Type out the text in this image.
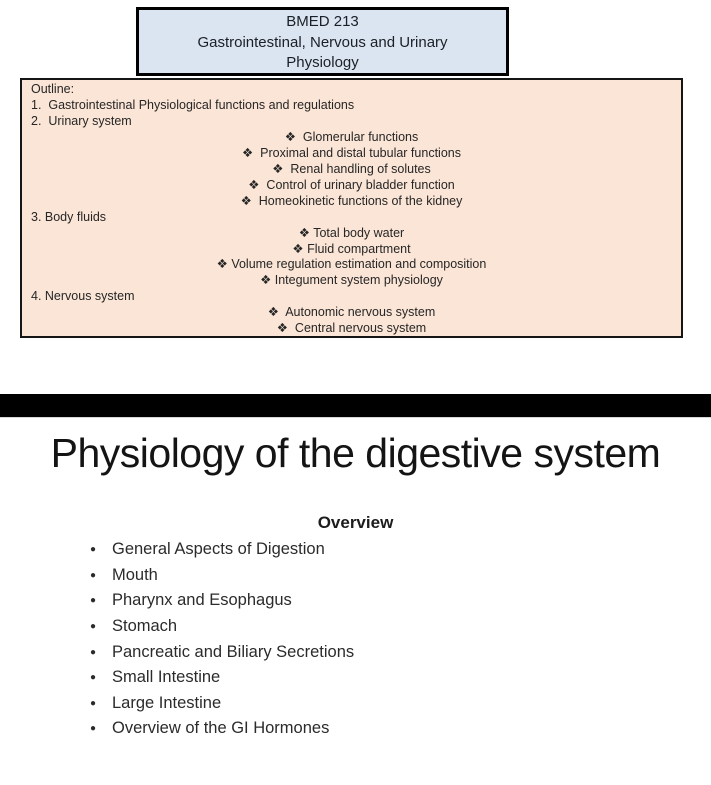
BMED 213
Gastrointestinal, Nervous and Urinary
Physiology
Outline:
1.  Gastrointestinal Physiological functions and regulations
2.  Urinary system
❖  Glomerular functions
❖  Proximal and distal tubular functions
❖  Renal handling of solutes
❖  Control of urinary bladder function
❖  Homeokinetic functions of the kidney
3. Body fluids
❖ Total body water
❖ Fluid compartment
❖ Volume regulation estimation and composition
❖ Integument system physiology
4. Nervous system
❖  Autonomic nervous system
❖  Central nervous system
Physiology of the digestive system
Overview
● General Aspects of Digestion
● Mouth
● Pharynx and Esophagus
● Stomach
● Pancreatic and Biliary Secretions
● Small Intestine
● Large Intestine
● Overview of the GI Hormones
